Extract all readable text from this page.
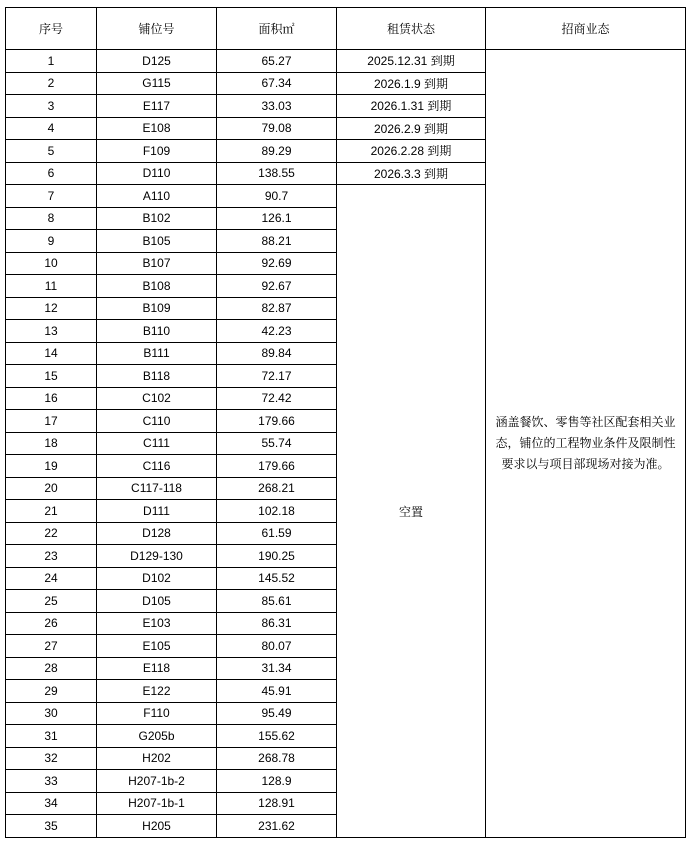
序号	铺位号	面积㎡	租赁状态	招商业态
1	D125	65.27	2025.12.31 到期	涵盖餐饮、零售等社区配套相关业态，铺位的工程物业条件及限制性要求以与项目部现场对接为准。

2	G115	67.34	2026.1.9 到期	
3	E117	33.03	2026.1.31 到期	
4	E108	79.08	2026.2.9 到期	
5	F109	89.29	2026.2.28 到期	
6	D110	138.55	2026.3.3 到期	
7	A110	90.7	空置	
8	B102	126.1		
9	B105	88.21		
10	B107	92.69		
11	B108	92.67		
12	B109	82.87		
13	B110	42.23		
14	B111	89.84		
15	B118	72.17		
16	C102	72.42		
17	C110	179.66		
18	C111	55.74		
19	C116	179.66		
20	C117-118	268.21		
21	D111	102.18		
22	D128	61.59		
23	D129-130	190.25		
24	D102	145.52		
25	D105	85.61		
26	E103	86.31		
27	E105	80.07		
28	E118	31.34		
29	E122	45.91		
30	F110	95.49		
31	G205b	155.62		
32	H202	268.78		
33	H207-1b-2	128.9		
34	H207-1b-1	128.91		
35	H205	231.62		
